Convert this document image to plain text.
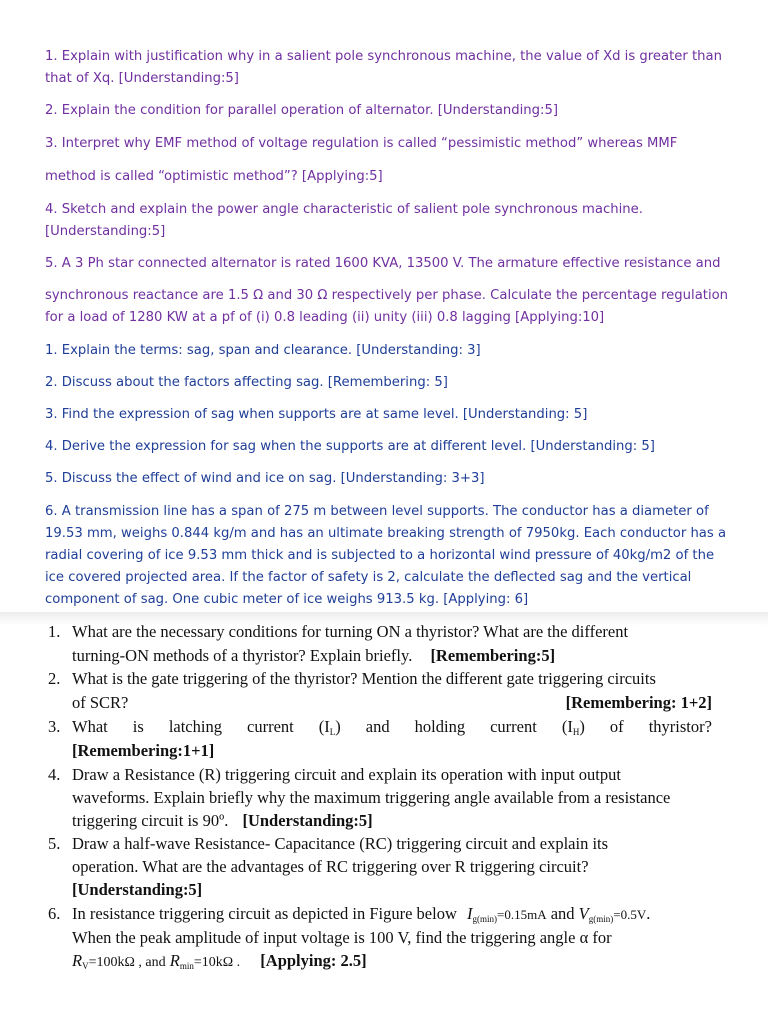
1. Explain with justification why in a salient pole synchronous machine, the value of Xd is greater than
that of Xq. [Understanding:5]
2. Explain the condition for parallel operation of alternator. [Understanding:5]
3. Interpret why EMF method of voltage regulation is called “pessimistic method” whereas MMF
method is called “optimistic method”? [Applying:5]
4. Sketch and explain the power angle characteristic of salient pole synchronous machine.
[Understanding:5]
5. A 3 Ph star connected alternator is rated 1600 KVA, 13500 V. The armature effective resistance and
synchronous reactance are 1.5 Ω and 30 Ω respectively per phase. Calculate the percentage regulation
for a load of 1280 KW at a pf of (i) 0.8 leading (ii) unity (iii) 0.8 lagging [Applying:10]
1. Explain the terms: sag, span and clearance. [Understanding: 3]
2. Discuss about the factors affecting sag. [Remembering: 5]
3. Find the expression of sag when supports are at same level. [Understanding: 5]
4. Derive the expression for sag when the supports are at different level. [Understanding: 5]
5. Discuss the effect of wind and ice on sag. [Understanding: 3+3]
6. A transmission line has a span of 275 m between level supports. The conductor has a diameter of
19.53 mm, weighs 0.844 kg/m and has an ultimate breaking strength of 7950kg. Each conductor has a
radial covering of ice 9.53 mm thick and is subjected to a horizontal wind pressure of 40kg/m2 of the
ice covered projected area. If the factor of safety is 2, calculate the deflected sag and the vertical
component of sag. One cubic meter of ice weighs 913.5 kg. [Applying: 6]
1. What are the necessary conditions for turning ON a thyristor? What are the different
turning-ON methods of a thyristor? Explain briefly. [Remembering:5]
2. What is the gate triggering of the thyristor? Mention the different gate triggering circuits
of SCR?	[Remembering: 1+2]
3. What is latching current $(I_L)$ and holding current $(I_H)$ of thyristor?
[Remembering:1+1]
4. Draw a Resistance (R) triggering circuit and explain its operation with input output
waveforms. Explain briefly why the maximum triggering angle available from a resistance
triggering circuit is 90º. [Understanding:5]
5. Draw a half-wave Resistance- Capacitance (RC) triggering circuit and explain its
operation. What are the advantages of RC triggering over R triggering circuit?
[Understanding:5]
6. In resistance triggering circuit as depicted in Figure below $I_{g(min)}=0.15mA$ and $V_{g(min)}=0.5V$.
When the peak amplitude of input voltage is 100 V, find the triggering angle α for
$R_V=100k\Omega$ , and $R_{min}=10k\Omega$ . [Applying: 2.5]
